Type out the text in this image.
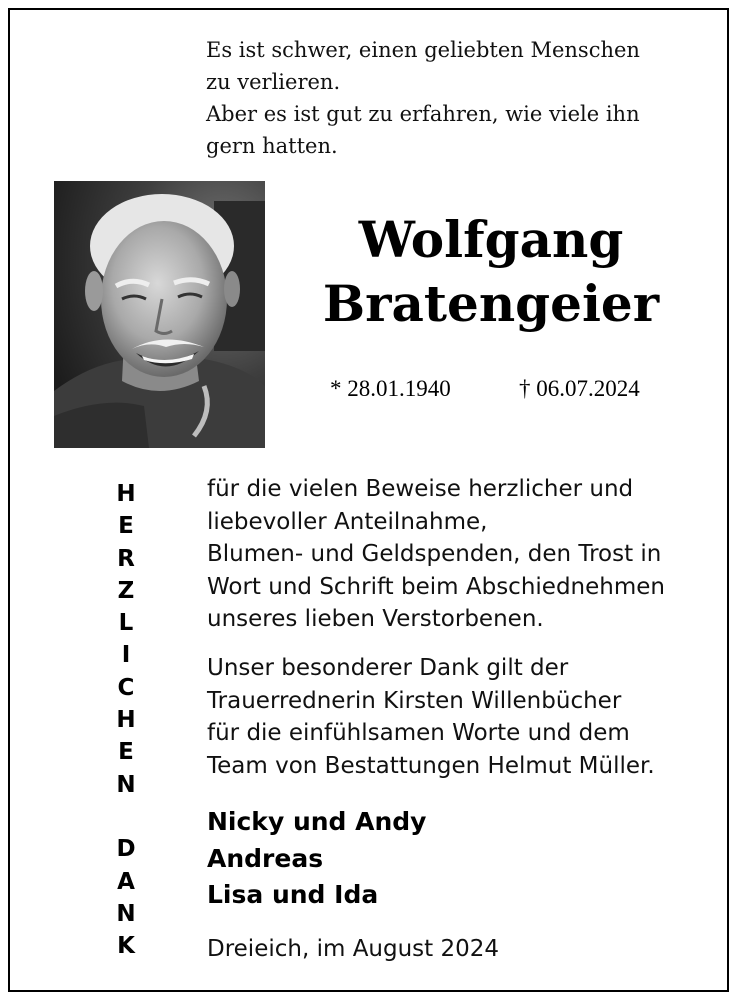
Es ist schwer, einen geliebten Menschen
zu verlieren.
Aber es ist gut zu erfahren, wie viele ihn
gern hatten.
Wolfgang
Bratengeier
* 28.01.1940	† 06.07.2024
H
E
R
Z
L
I
C
H
E
N
D
A
N
K
für die vielen Beweise herzlicher und
liebevoller Anteilnahme,
Blumen- und Geldspenden, den Trost in
Wort und Schrift beim Abschiednehmen
unseres lieben Verstorbenen.
Unser besonderer Dank gilt der
Trauerrednerin Kirsten Willenbücher
für die einfühlsamen Worte und dem
Team von Bestattungen Helmut Müller.
Nicky und Andy
Andreas
Lisa und Ida
Dreieich, im August 2024
